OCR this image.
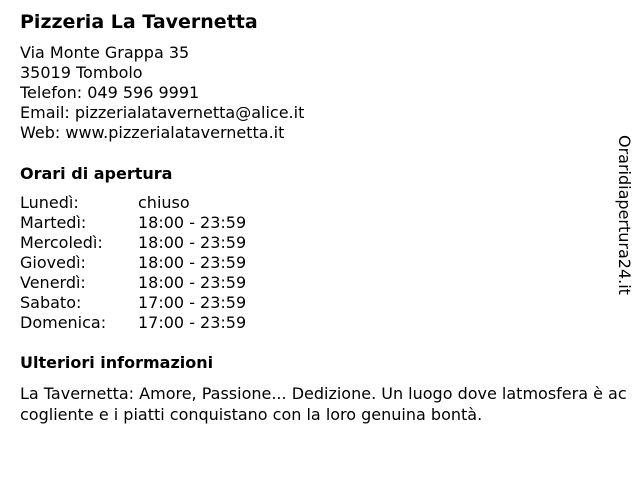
Pizzeria La Tavernetta
Via Monte Grappa 35
35019 Tombolo
Telefon: 049 596 9991
Email: pizzerialatavernetta@alice.it
Web: www.pizzerialatavernetta.it
Orari di apertura
Lunedì:	chiuso
Martedì:	18:00 - 23:59
Mercoledì: 18:00 - 23:59
Giovedì:	18:00 - 23:59
Venerdì:	18:00 - 23:59
Sabato:	17:00 - 23:59
Domenica: 17:00 - 23:59
Ulteriori informazioni

La Tavernetta: Amore, Passione... Dedizione. Un luogo dove latmosfera è accogliente e i piatti conquistano con la loro genuina bontà.

Oraridiapertura24.it
